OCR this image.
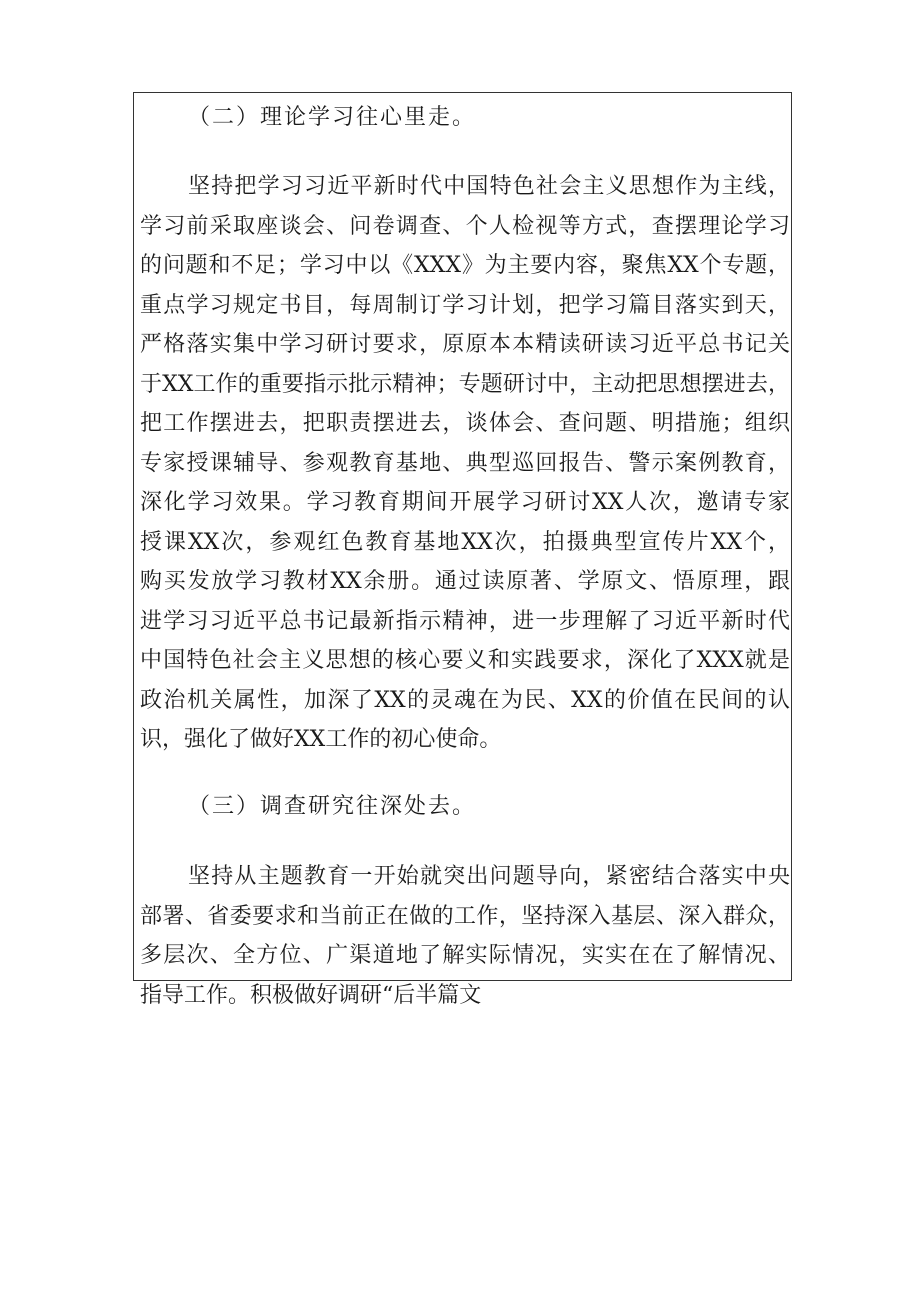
（二）理论学习往心里走。
坚持把学习习近平新时代中国特色社会主义思想作为主线，
学习前采取座谈会、问卷调查、个人检视等方式，查摆理论学习
的问题和不足；学习中以《XXX》为主要内容，聚焦XX个专题，
重点学习规定书目，每周制订学习计划，把学习篇目落实到天，
严格落实集中学习研讨要求，原原本本精读研读习近平总书记关
于XX工作的重要指示批示精神；专题研讨中，主动把思想摆进去，
把工作摆进去，把职责摆进去，谈体会、查问题、明措施；组织
专家授课辅导、参观教育基地、典型巡回报告、警示案例教育，
深化学习效果。学习教育期间开展学习研讨XX人次，邀请专家
授课XX次，参观红色教育基地XX次，拍摄典型宣传片XX个，
购买发放学习教材XX余册。通过读原著、学原文、悟原理，跟
进学习习近平总书记最新指示精神，进一步理解了习近平新时代
中国特色社会主义思想的核心要义和实践要求，深化了XXX就是
政治机关属性，加深了XX的灵魂在为民、XX的价值在民间的认
识，强化了做好XX工作的初心使命。
（三）调查研究往深处去。
坚持从主题教育一开始就突出问题导向，紧密结合落实中央
部署、省委要求和当前正在做的工作，坚持深入基层、深入群众，
多层次、全方位、广渠道地了解实际情况，实实在在了解情况、
指导工作。积极做好调研“后半篇文
